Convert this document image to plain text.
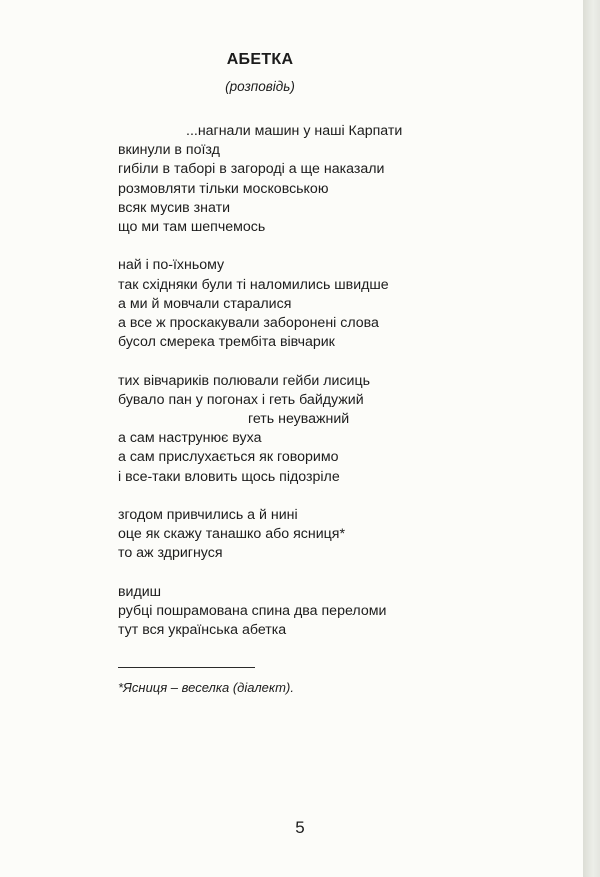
АБЕТКА
(розповідь)
...нагнали машин у наші Карпати
вкинули в поїзд
гибіли в таборі в загороді а ще наказали
розмовляти тільки московською
всяк мусив знати
що ми там шепчемось
най і по-їхньому
так східняки були ті наломились швидше
а ми й мовчали старалися
а все ж проскакували заборонені слова
бусол смерека трембіта вівчарик
тих вівчариків полювали гейби лисиць
бувало пан у погонах і геть байдужий
геть неуважний
а сам наструнює вуха
а сам прислухається як говоримо
і все-таки вловить щось підозріле
згодом привчились а й нині
оце як скажу танашко або ясниця*
то аж здригнуся
видиш
рубці пошрамована спина два переломи
тут вся українська абетка
*Ясниця – веселка (діалект).
5
